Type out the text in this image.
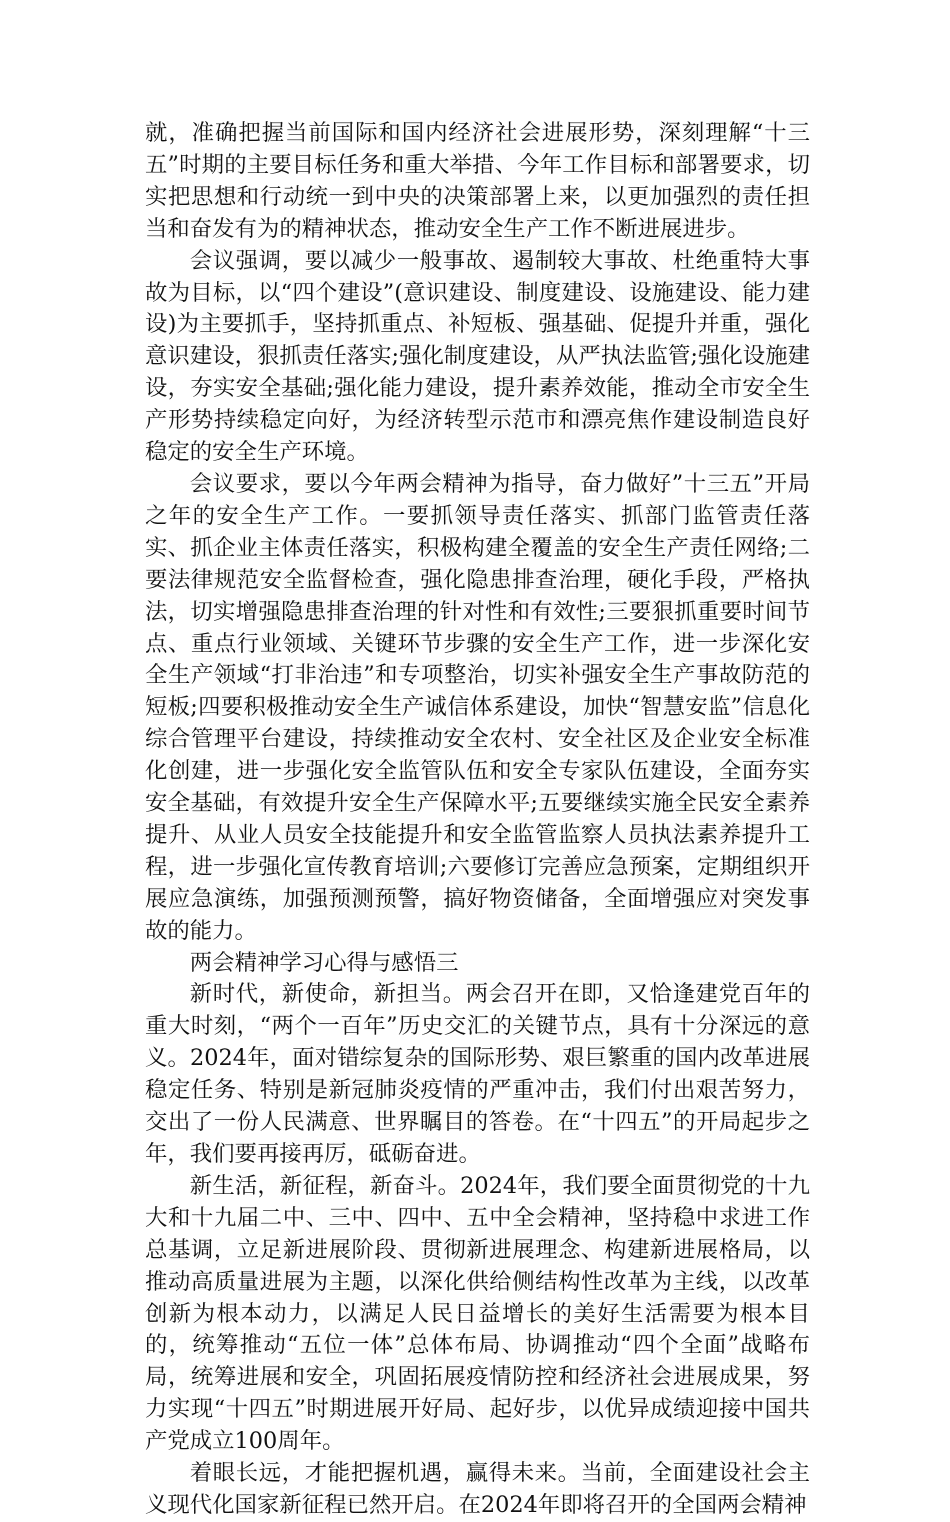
就，准确把握当前国际和国内经济社会进展形势，深刻理解“十三五”时期的主要目标任务和重大举措、今年工作目标和部署要求，切实把思想和行动统一到中央的决策部署上来，以更加强烈的责任担当和奋发有为的精神状态，推动安全生产工作不断进展进步。

会议强调，要以减少一般事故、遏制较大事故、杜绝重特大事故为目标，以“四个建设”(意识建设、制度建设、设施建设、能力建设)为主要抓手，坚持抓重点、补短板、强基础、促提升并重，强化意识建设，狠抓责任落实;强化制度建设，从严执法监管;强化设施建设，夯实安全基础;强化能力建设，提升素养效能，推动全市安全生产形势持续稳定向好，为经济转型示范市和漂亮焦作建设制造良好稳定的安全生产环境。

会议要求，要以今年两会精神为指导，奋力做好”十三五”开局之年的安全生产工作。一要抓领导责任落实、抓部门监管责任落实、抓企业主体责任落实，积极构建全覆盖的安全生产责任网络;二要法律规范安全监督检查，强化隐患排查治理，硬化手段，严格执法，切实增强隐患排查治理的针对性和有效性;三要狠抓重要时间节点、重点行业领域、关键环节步骤的安全生产工作，进一步深化安全生产领域“打非治违”和专项整治，切实补强安全生产事故防范的短板;四要积极推动安全生产诚信体系建设，加快“智慧安监”信息化综合管理平台建设，持续推动安全农村、安全社区及企业安全标准化创建，进一步强化安全监管队伍和安全专家队伍建设，全面夯实安全基础，有效提升安全生产保障水平;五要继续实施全民安全素养提升、从业人员安全技能提升和安全监管监察人员执法素养提升工程，进一步强化宣传教育培训;六要修订完善应急预案，定期组织开展应急演练，加强预测预警，搞好物资储备，全面增强应对突发事故的能力。

两会精神学习心得与感悟三

新时代，新使命，新担当。两会召开在即，又恰逢建党百年的重大时刻，“两个一百年”历史交汇的关键节点，具有十分深远的意义。2024年，面对错综复杂的国际形势、艰巨繁重的国内改革进展稳定任务、特别是新冠肺炎疫情的严重冲击，我们付出艰苦努力，交出了一份人民满意、世界瞩目的答卷。在“十四五”的开局起步之年，我们要再接再厉，砥砺奋进。

新生活，新征程，新奋斗。2024年，我们要全面贯彻党的十九大和十九届二中、三中、四中、五中全会精神，坚持稳中求进工作总基调，立足新进展阶段、贯彻新进展理念、构建新进展格局，以推动高质量进展为主题，以深化供给侧结构性改革为主线，以改革创新为根本动力，以满足人民日益增长的美好生活需要为根本目的，统筹推动“五位一体”总体布局、协调推动“四个全面”战略布局，统筹进展和安全，巩固拓展疫情防控和经济社会进展成果，努力实现“十四五”时期进展开好局、起好步，以优异成绩迎接中国共产党成立100周年。

着眼长远，才能把握机遇，赢得未来。当前，全面建设社会主义现代化国家新征程已然开启。在2024年即将召开的全国两会精神
